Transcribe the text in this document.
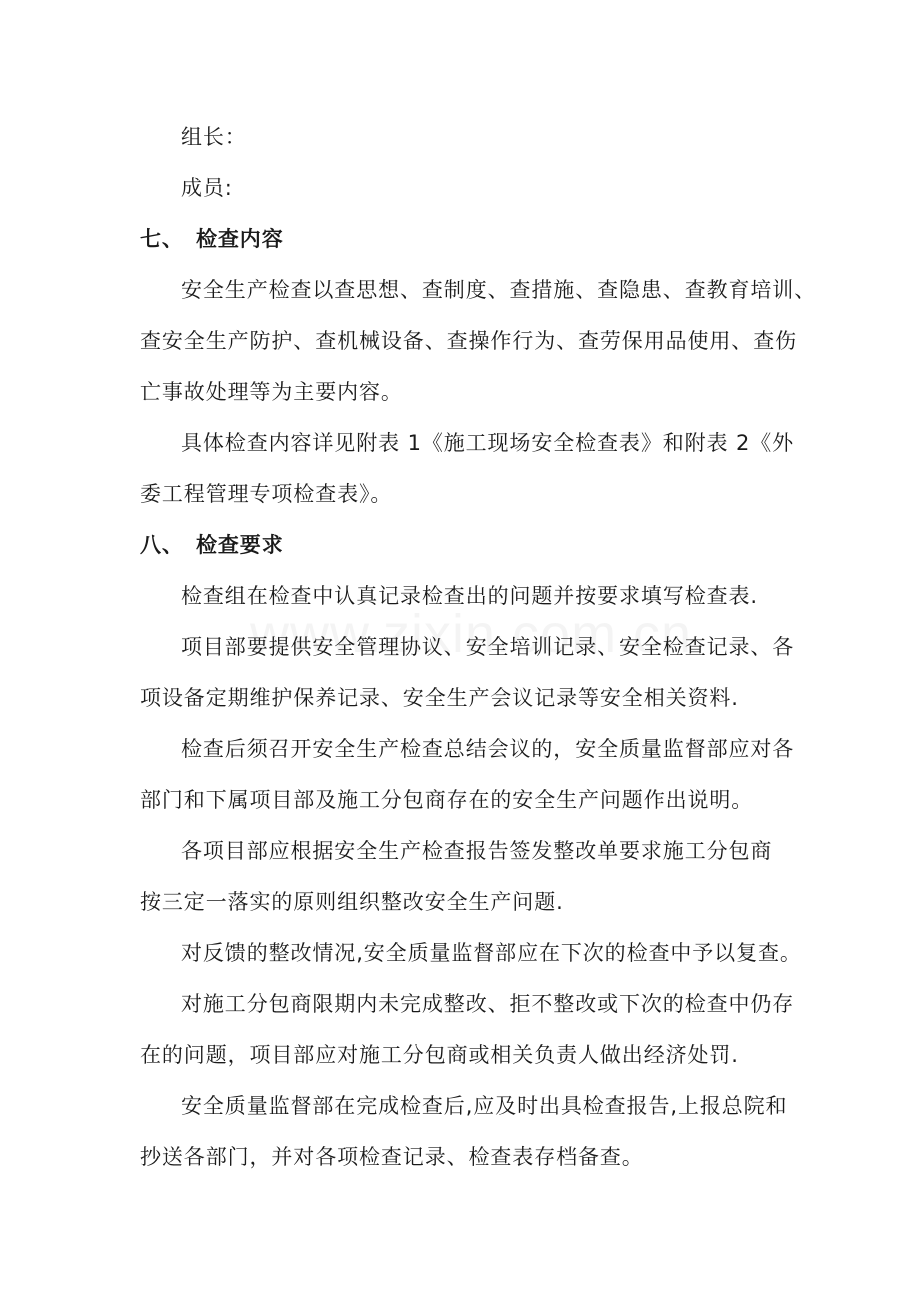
组长：
成员:
七、 检查内容
安全生产检查以查思想、查制度、查措施、查隐患、查教育培训、
查安全生产防护、查机械设备、查操作行为、查劳保用品使用、查伤
亡事故处理等为主要内容。
具体检查内容详见附表 1《施工现场安全检查表》和附表 2《外
委工程管理专项检查表》。
八、 检查要求
检查组在检查中认真记录检查出的问题并按要求填写检查表.
项目部要提供安全管理协议、安全培训记录、安全检查记录、各
项设备定期维护保养记录、安全生产会议记录等安全相关资料.
检查后须召开安全生产检查总结会议的，安全质量监督部应对各
部门和下属项目部及施工分包商存在的安全生产问题作出说明。
各项目部应根据安全生产检查报告签发整改单要求施工分包商
按三定一落实的原则组织整改安全生产问题.
对反馈的整改情况,安全质量监督部应在下次的检查中予以复查。
对施工分包商限期内未完成整改、拒不整改或下次的检查中仍存
在的问题，项目部应对施工分包商或相关负责人做出经济处罚.
安全质量监督部在完成检查后,应及时出具检查报告,上报总院和
抄送各部门，并对各项检查记录、检查表存档备查。
